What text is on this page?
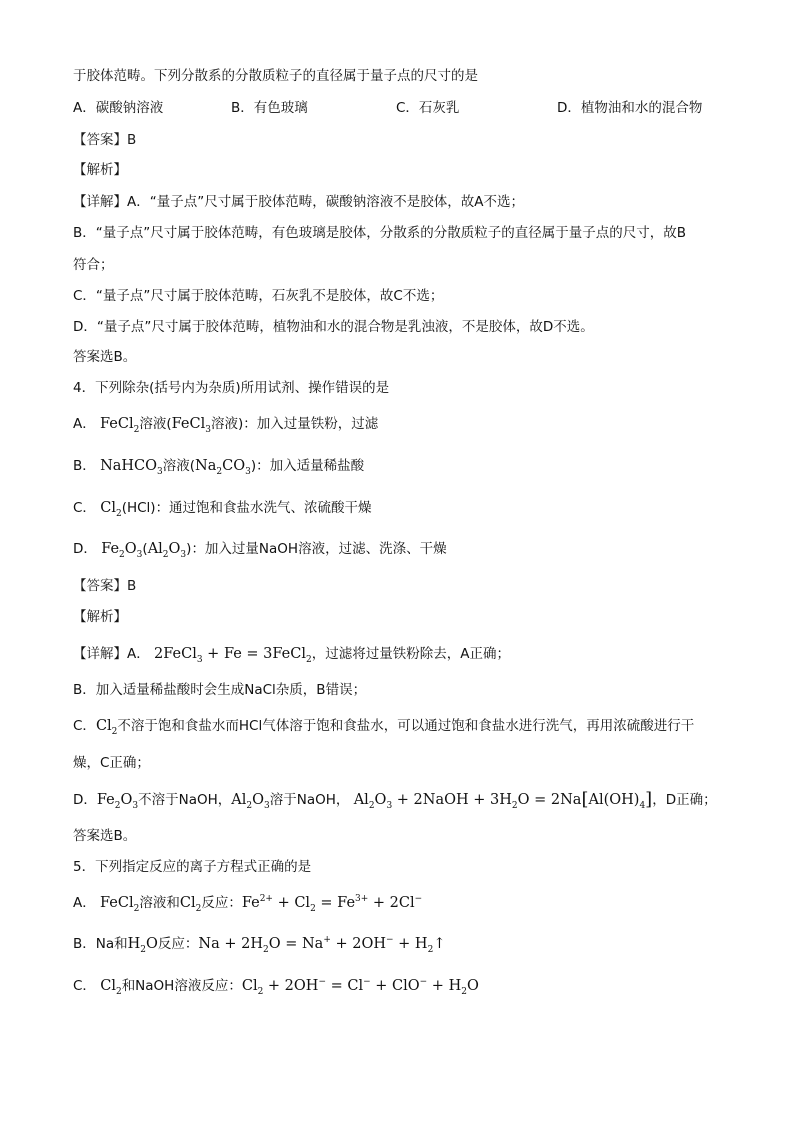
于胶体范畴。下列分散系的分散质粒子的直径属于量子点的尺寸的是
A．碳酸钠溶液	B．有色玻璃	C．石灰乳	D．植物油和水的混合物
【答案】B
【解析】
【详解】A．“量子点”尺寸属于胶体范畴，碳酸钠溶液不是胶体，故A不选；
B．“量子点”尺寸属于胶体范畴，有色玻璃是胶体，分散系的分散质粒子的直径属于量子点的尺寸，故B
符合；
C．“量子点”尺寸属于胶体范畴，石灰乳不是胶体，故C不选；
D．“量子点”尺寸属于胶体范畴，植物油和水的混合物是乳浊液，不是胶体，故D不选。
答案选B。
4．下列除杂(括号内为杂质)所用试剂、操作错误的是
A． FeCl$_2$溶液(FeCl$_3$溶液)：加入过量铁粉，过滤
B． NaHCO$_3$溶液$(Na_2CO_3)$：加入适量稀盐酸
C． $Cl_2(HCl)$：通过饱和食盐水洗气、浓硫酸干燥
D． $Fe_2O_3(Al_2O_3)$：加入过量NaOH溶液，过滤、洗涤、干燥
【答案】B
【解析】
【详解】A． 2FeCl$_3$ + Fe = 3FeCl$_2$，过滤将过量铁粉除去，A正确；
B．加入适量稀盐酸时会生成NaCl杂质，B错误；
C．$Cl_2$不溶于饱和食盐水而HCl气体溶于饱和食盐水，可以通过饱和食盐水进行洗气，再用浓硫酸进行干
燥，C正确；
D．$Fe_2O_3$不溶于NaOH，$Al_2O_3$溶于NaOH， $Al_2O_3$ + 2NaOH + $3H_2O = 2Na[Al(OH)_4]$，D正确；
答案选B。
5．下列指定反应的离子方程式正确的是
A． FeCl$_2$溶液和$Cl_2$反应：$Fe^{2+} + Cl_2 = Fe^{3+} + 2Cl^-$
B．Na和$H_2O$反应：$Na + 2H_2O = Na^+ + 2OH^-$ + $H_2↑$
C． $Cl_2$和NaOH溶液反应：$Cl_2 + 2OH^- = Cl^- + ClO^- + H_2O$
